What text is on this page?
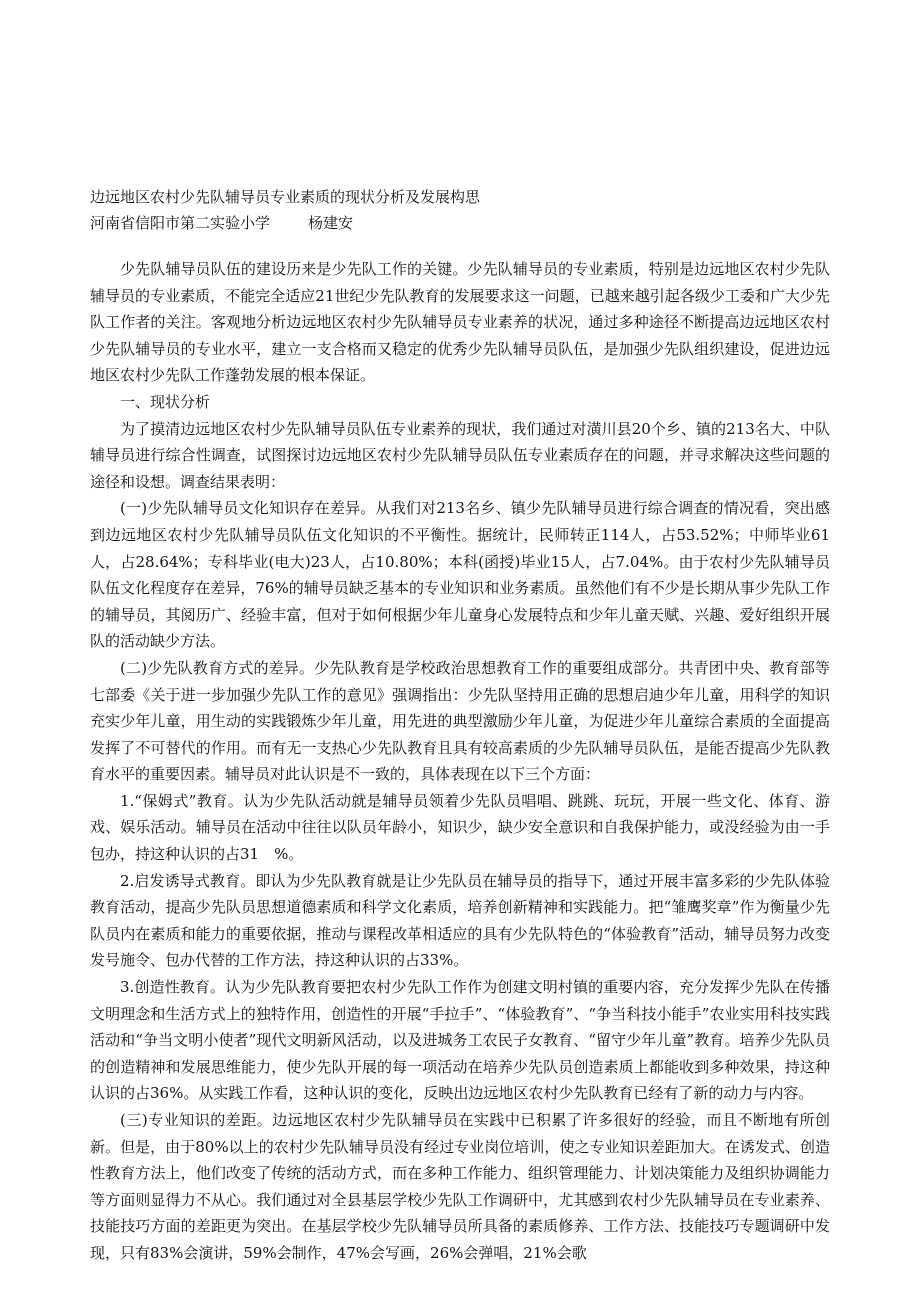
边远地区农村少先队辅导员专业素质的现状分析及发展构思
河南省信阳市第二实验小学	杨建安

少先队辅导员队伍的建设历来是少先队工作的关键。少先队辅导员的专业素质，特别是边远地区农村少先队辅导员的专业素质，不能完全适应21世纪少先队教育的发展要求这一问题，已越来越引起各级少工委和广大少先队工作者的关注。客观地分析边远地区农村少先队辅导员专业素养的状况，通过多种途径不断提高边远地区农村少先队辅导员的专业水平，建立一支合格而又稳定的优秀少先队辅导员队伍，是加强少先队组织建设，促进边远地区农村少先队工作蓬勃发展的根本保证。

一、现状分析

为了摸清边远地区农村少先队辅导员队伍专业素养的现状，我们通过对潢川县20个乡、镇的213名大、中队辅导员进行综合性调查，试图探讨边远地区农村少先队辅导员队伍专业素质存在的问题，并寻求解决这些问题的途径和设想。调查结果表明：

(一)少先队辅导员文化知识存在差异。从我们对213名乡、镇少先队辅导员进行综合调查的情况看，突出感到边远地区农村少先队辅导员队伍文化知识的不平衡性。据统计，民师转正114人，占53.52%；中师毕业61人，占28.64%；专科毕业(电大)23人，占10.80%；本科(函授)毕业15人，占7.04%。由于农村少先队辅导员队伍文化程度存在差异，76%的辅导员缺乏基本的专业知识和业务素质。虽然他们有不少是长期从事少先队工作的辅导员，其阅历广、经验丰富，但对于如何根据少年儿童身心发展特点和少年儿童天赋、兴趣、爱好组织开展队的活动缺少方法。

(二)少先队教育方式的差异。少先队教育是学校政治思想教育工作的重要组成部分。共青团中央、教育部等七部委《关于进一步加强少先队工作的意见》强调指出：少先队坚持用正确的思想启迪少年儿童，用科学的知识充实少年儿童，用生动的实践锻炼少年儿童，用先进的典型激励少年儿童，为促进少年儿童综合素质的全面提高发挥了不可替代的作用。而有无一支热心少先队教育且具有较高素质的少先队辅导员队伍，是能否提高少先队教育水平的重要因素。辅导员对此认识是不一致的，具体表现在以下三个方面：

1.“保姆式”教育。认为少先队活动就是辅导员领着少先队员唱唱、跳跳、玩玩，开展一些文化、体育、游戏、娱乐活动。辅导员在活动中往往以队员年龄小，知识少，缺少安全意识和自我保护能力，或没经验为由一手包办，持这种认识的占31　%。

2.启发诱导式教育。即认为少先队教育就是让少先队员在辅导员的指导下，通过开展丰富多彩的少先队体验教育活动，提高少先队员思想道德素质和科学文化素质，培养创新精神和实践能力。把“雏鹰奖章”作为衡量少先队员内在素质和能力的重要依据，推动与课程改革相适应的具有少先队特色的“体验教育”活动，辅导员努力改变发号施令、包办代替的工作方法，持这种认识的占33%。

3.创造性教育。认为少先队教育要把农村少先队工作作为创建文明村镇的重要内容，充分发挥少先队在传播文明理念和生活方式上的独特作用，创造性的开展“手拉手”、“体验教育”、“争当科技小能手”农业实用科技实践活动和“争当文明小使者”现代文明新风活动，以及进城务工农民子女教育、“留守少年儿童”教育。培养少先队员的创造精神和发展思维能力，使少先队开展的每一项活动在培养少先队员创造素质上都能收到多种效果，持这种认识的占36%。从实践工作看，这种认识的变化，反映出边远地区农村少先队教育已经有了新的动力与内容。

(三)专业知识的差距。边远地区农村少先队辅导员在实践中已积累了许多很好的经验，而且不断地有所创新。但是，由于80%以上的农村少先队辅导员没有经过专业岗位培训，使之专业知识差距加大。在诱发式、创造性教育方法上，他们改变了传统的活动方式，而在多种工作能力、组织管理能力、计划决策能力及组织协调能力等方面则显得力不从心。我们通过对全县基层学校少先队工作调研中，尤其感到农村少先队辅导员在专业素养、技能技巧方面的差距更为突出。在基层学校少先队辅导员所具备的素质修养、工作方法、技能技巧专题调研中发现，只有83%会演讲，59%会制作，47%会写画，26%会弹唱，21%会歌
